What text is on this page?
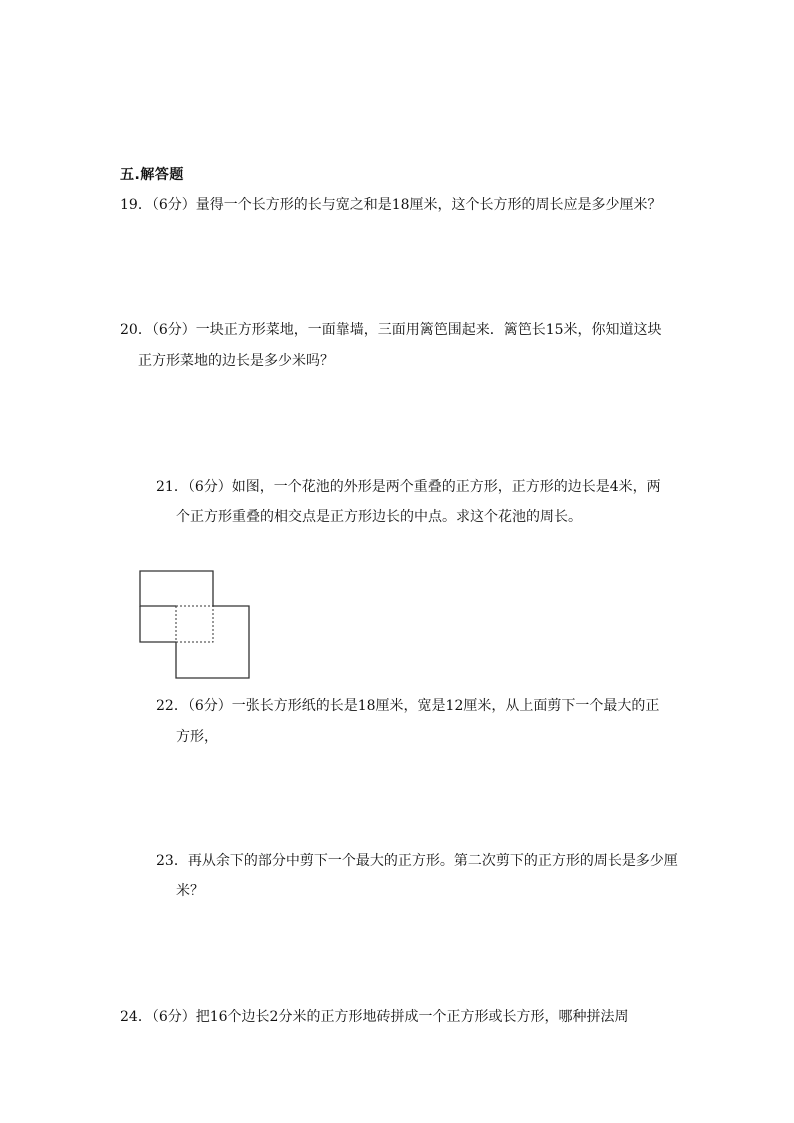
五.解答题
19．（6分）量得一个长方形的长与宽之和是18厘米，这个长方形的周长应是多少厘米？
20．（6分）一块正方形菜地，一面靠墙，三面用篱笆围起来．篱笆长15米，你知道这块
正方形菜地的边长是多少米吗？
21．（6分）如图，一个花池的外形是两个重叠的正方形，正方形的边长是4米，两
个正方形重叠的相交点是正方形边长的中点。求这个花池的周长。
22．（6分）一张长方形纸的长是18厘米，宽是12厘米，从上面剪下一个最大的正
方形，
23．再从余下的部分中剪下一个最大的正方形。第二次剪下的正方形的周长是多少厘
米？
24．（6分）把16个边长2分米的正方形地砖拼成一个正方形或长方形，哪种拼法周
